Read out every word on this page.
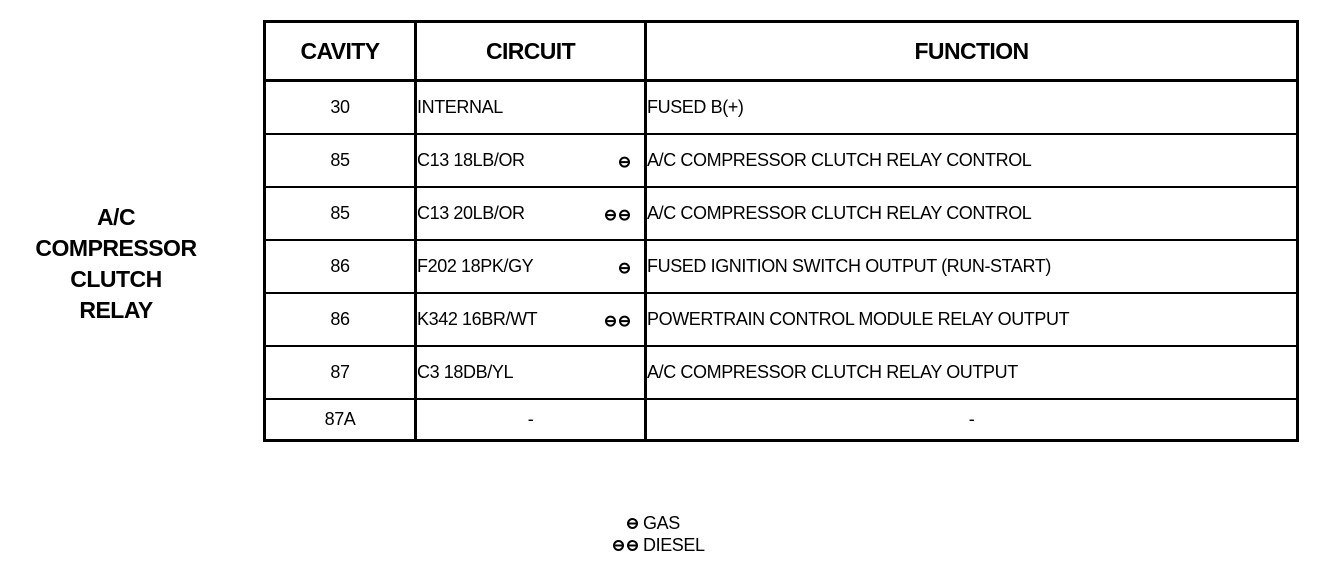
A/C
COMPRESSOR
CLUTCH
RELAY
CAVITY	CIRCUIT	FUNCTION
30	INTERNAL	FUSED B(+)
85	C13 18LB/OR	A/C COMPRESSOR CLUTCH RELAY CONTROL
85	C13 20LB/OR	A/C COMPRESSOR CLUTCH RELAY CONTROL
86	F202 18PK/GY	FUSED IGNITION SWITCH OUTPUT (RUN-START)
86	K342 16BR/WT	POWERTRAIN CONTROL MODULE RELAY OUTPUT
87	C3 18DB/YL	A/C COMPRESSOR CLUTCH RELAY OUTPUT
87A	-	-
GAS
DIESEL
